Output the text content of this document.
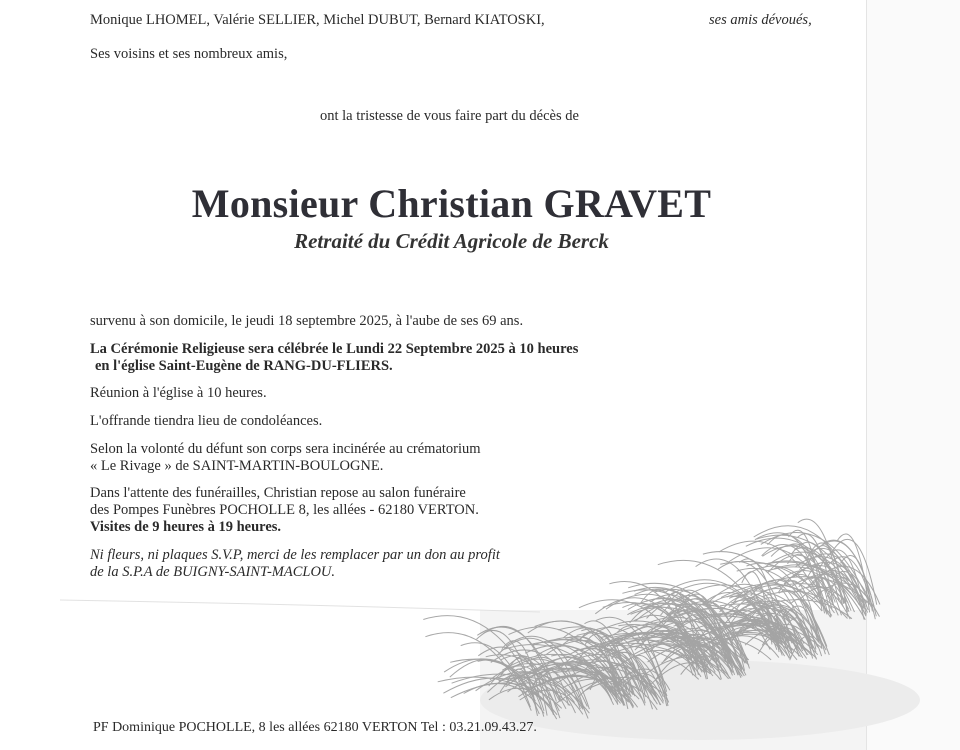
Monique LHOMEL, Valérie SELLIER, Michel DUBUT, Bernard KIATOSKI,	ses amis dévoués,

Ses voisins et ses nombreux amis,

ont la tristesse de vous faire part du décès de

Monsieur Christian GRAVET
Retraité du Crédit Agricole de Berck

survenu à son domicile, le jeudi 18 septembre 2025, à l'aube de ses 69 ans.

La Cérémonie Religieuse sera célébrée le Lundi 22 Septembre 2025 à 10 heures

en l'église Saint-Eugène de RANG-DU-FLIERS.

Réunion à l'église à 10 heures.

L'offrande tiendra lieu de condoléances.

Selon la volonté du défunt son corps sera incinérée au crématorium

« Le Rivage » de SAINT-MARTIN-BOULOGNE.

Dans l'attente des funérailles, Christian repose au salon funéraire

des Pompes Funèbres POCHOLLE 8, les allées - 62180 VERTON.

Visites de 9 heures à 19 heures.

Ni fleurs, ni plaques S.V.P, merci de les remplacer par un don au profit

de la S.P.A de BUIGNY-SAINT-MACLOU.

PF Dominique POCHOLLE, 8 les allées 62180 VERTON Tel : 03.21.09.43.27.
